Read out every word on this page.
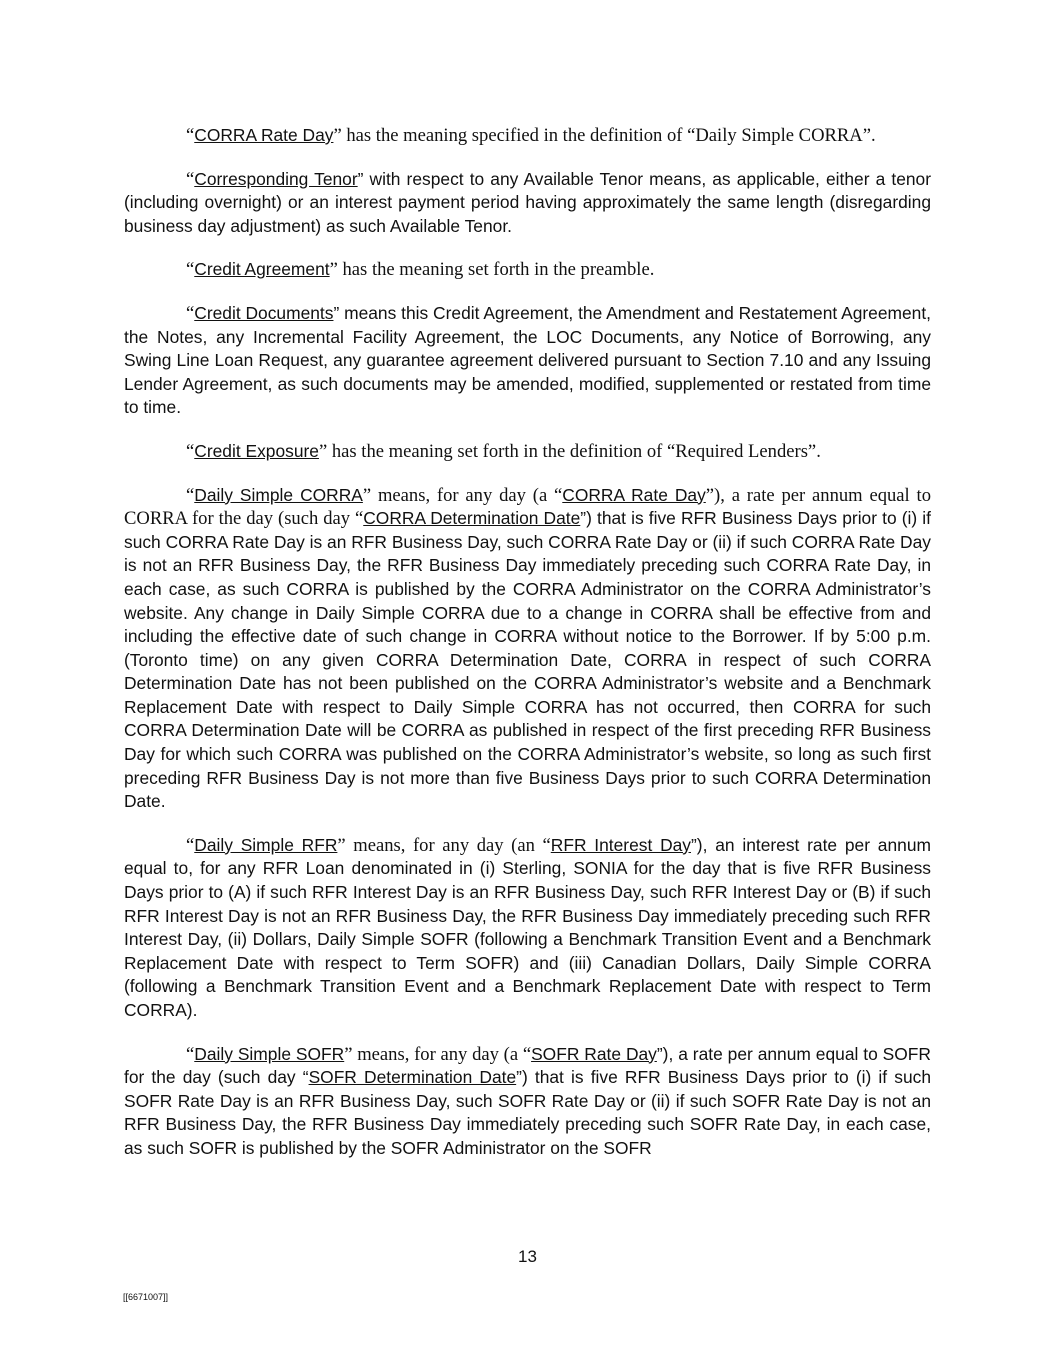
“CORRA Rate Day” has the meaning specified in the definition of “Daily Simple CORRA”.

“Corresponding Tenor” with respect to any Available Tenor means, as applicable, either a tenor (including overnight) or an interest payment period having approximately the same length (disregarding business day adjustment) as such Available Tenor.

“Credit Agreement” has the meaning set forth in the preamble.

“Credit Documents” means this Credit Agreement, the Amendment and Restatement Agreement, the Notes, any Incremental Facility Agreement, the LOC Documents, any Notice of Borrowing, any Swing Line Loan Request, any guarantee agreement delivered pursuant to Section 7.10 and any Issuing Lender Agreement, as such documents may be amended, modified, supplemented or restated from time to time.

“Credit Exposure” has the meaning set forth in the definition of “Required Lenders”.

“Daily Simple CORRA” means, for any day (a “CORRA Rate Day”), a rate per annum equal to CORRA for the day (such day “CORRA Determination Date”) that is five RFR Business Days prior to (i) if such CORRA Rate Day is an RFR Business Day, such CORRA Rate Day or (ii) if such CORRA Rate Day is not an RFR Business Day, the RFR Business Day immediately preceding such CORRA Rate Day, in each case, as such CORRA is published by the CORRA Administrator on the CORRA Administrator’s website. Any change in Daily Simple CORRA due to a change in CORRA shall be effective from and including the effective date of such change in CORRA without notice to the Borrower. If by 5:00 p.m. (Toronto time) on any given CORRA Determination Date, CORRA in respect of such CORRA Determination Date has not been published on the CORRA Administrator’s website and a Benchmark Replacement Date with respect to Daily Simple CORRA has not occurred, then CORRA for such CORRA Determination Date will be CORRA as published in respect of the first preceding RFR Business Day for which such CORRA was published on the CORRA Administrator’s website, so long as such first preceding RFR Business Day is not more than five Business Days prior to such CORRA Determination Date.

“Daily Simple RFR” means, for any day (an “RFR Interest Day”), an interest rate per annum equal to, for any RFR Loan denominated in (i) Sterling, SONIA for the day that is five RFR Business Days prior to (A) if such RFR Interest Day is an RFR Business Day, such RFR Interest Day or (B) if such RFR Interest Day is not an RFR Business Day, the RFR Business Day immediately preceding such RFR Interest Day, (ii) Dollars, Daily Simple SOFR (following a Benchmark Transition Event and a Benchmark Replacement Date with respect to Term SOFR) and (iii) Canadian Dollars, Daily Simple CORRA (following a Benchmark Transition Event and a Benchmark Replacement Date with respect to Term CORRA).

“Daily Simple SOFR” means, for any day (a “SOFR Rate Day”), a rate per annum equal to SOFR for the day (such day “SOFR Determination Date”) that is five RFR Business Days prior to (i) if such SOFR Rate Day is an RFR Business Day, such SOFR Rate Day or (ii) if such SOFR Rate Day is not an RFR Business Day, the RFR Business Day immediately preceding such SOFR Rate Day, in each case, as such SOFR is published by the SOFR Administrator on the SOFR

13
[[6671007]]
